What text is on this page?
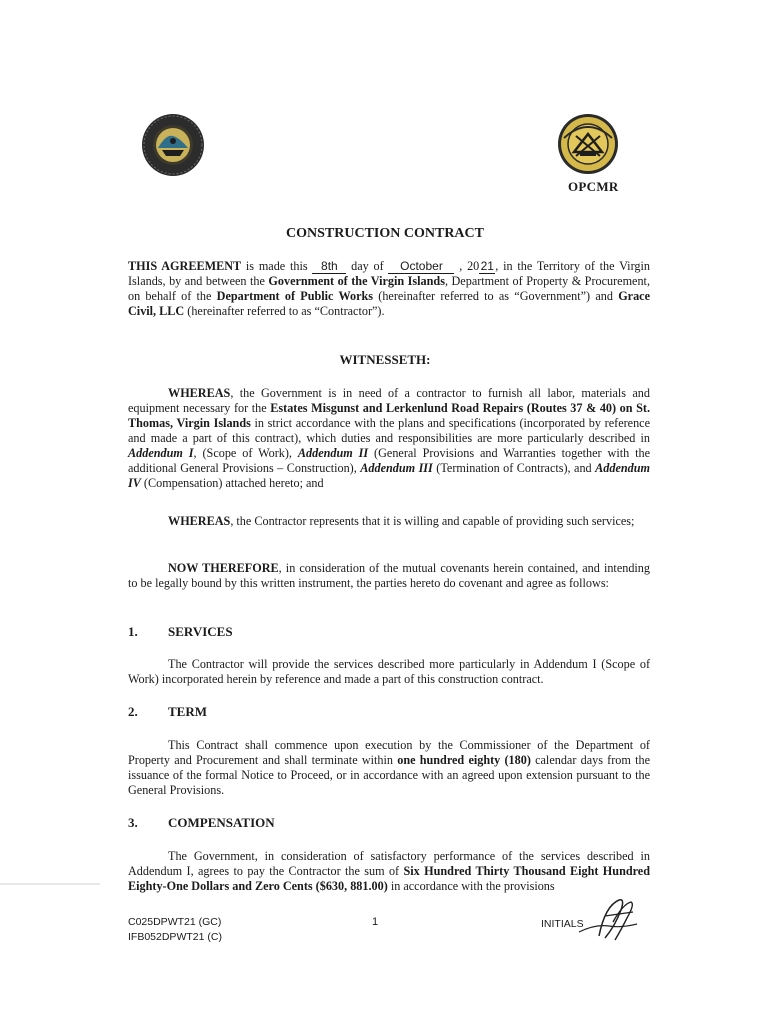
OPCMR
CONSTRUCTION CONTRACT
THIS AGREEMENT is made this 8th day of October , 2021, in the Territory of the Virgin Islands, by and between the Government of the Virgin Islands, Department of Property & Procurement, on behalf of the Department of Public Works (hereinafter referred to as “Government”) and Grace Civil, LLC (hereinafter referred to as “Contractor”).
WITNESSETH:
WHEREAS, the Government is in need of a contractor to furnish all labor, materials and equipment necessary for the Estates Misgunst and Lerkenlund Road Repairs (Routes 37 & 40) on St. Thomas, Virgin Islands in strict accordance with the plans and specifications (incorporated by reference and made a part of this contract), which duties and responsibilities are more particularly described in Addendum I, (Scope of Work), Addendum II (General Provisions and Warranties together with the additional General Provisions – Construction), Addendum III (Termination of Contracts), and Addendum IV (Compensation) attached hereto; and
WHEREAS, the Contractor represents that it is willing and capable of providing such services;
NOW THEREFORE, in consideration of the mutual covenants herein contained, and intending to be legally bound by this written instrument, the parties hereto do covenant and agree as follows:
1. SERVICES
The Contractor will provide the services described more particularly in Addendum I (Scope of Work) incorporated herein by reference and made a part of this construction contract.
2. TERM
This Contract shall commence upon execution by the Commissioner of the Department of Property and Procurement and shall terminate within one hundred eighty (180) calendar days from the issuance of the formal Notice to Proceed, or in accordance with an agreed upon extension pursuant to the General Provisions.
3. COMPENSATION
The Government, in consideration of satisfactory performance of the services described in Addendum I, agrees to pay the Contractor the sum of Six Hundred Thirty Thousand Eight Hundred Eighty-One Dollars and Zero Cents ($630, 881.00) in accordance with the provisions
C025DPWT21 (GC)
IFB052DPWT21 (C)
1	INITIALS
